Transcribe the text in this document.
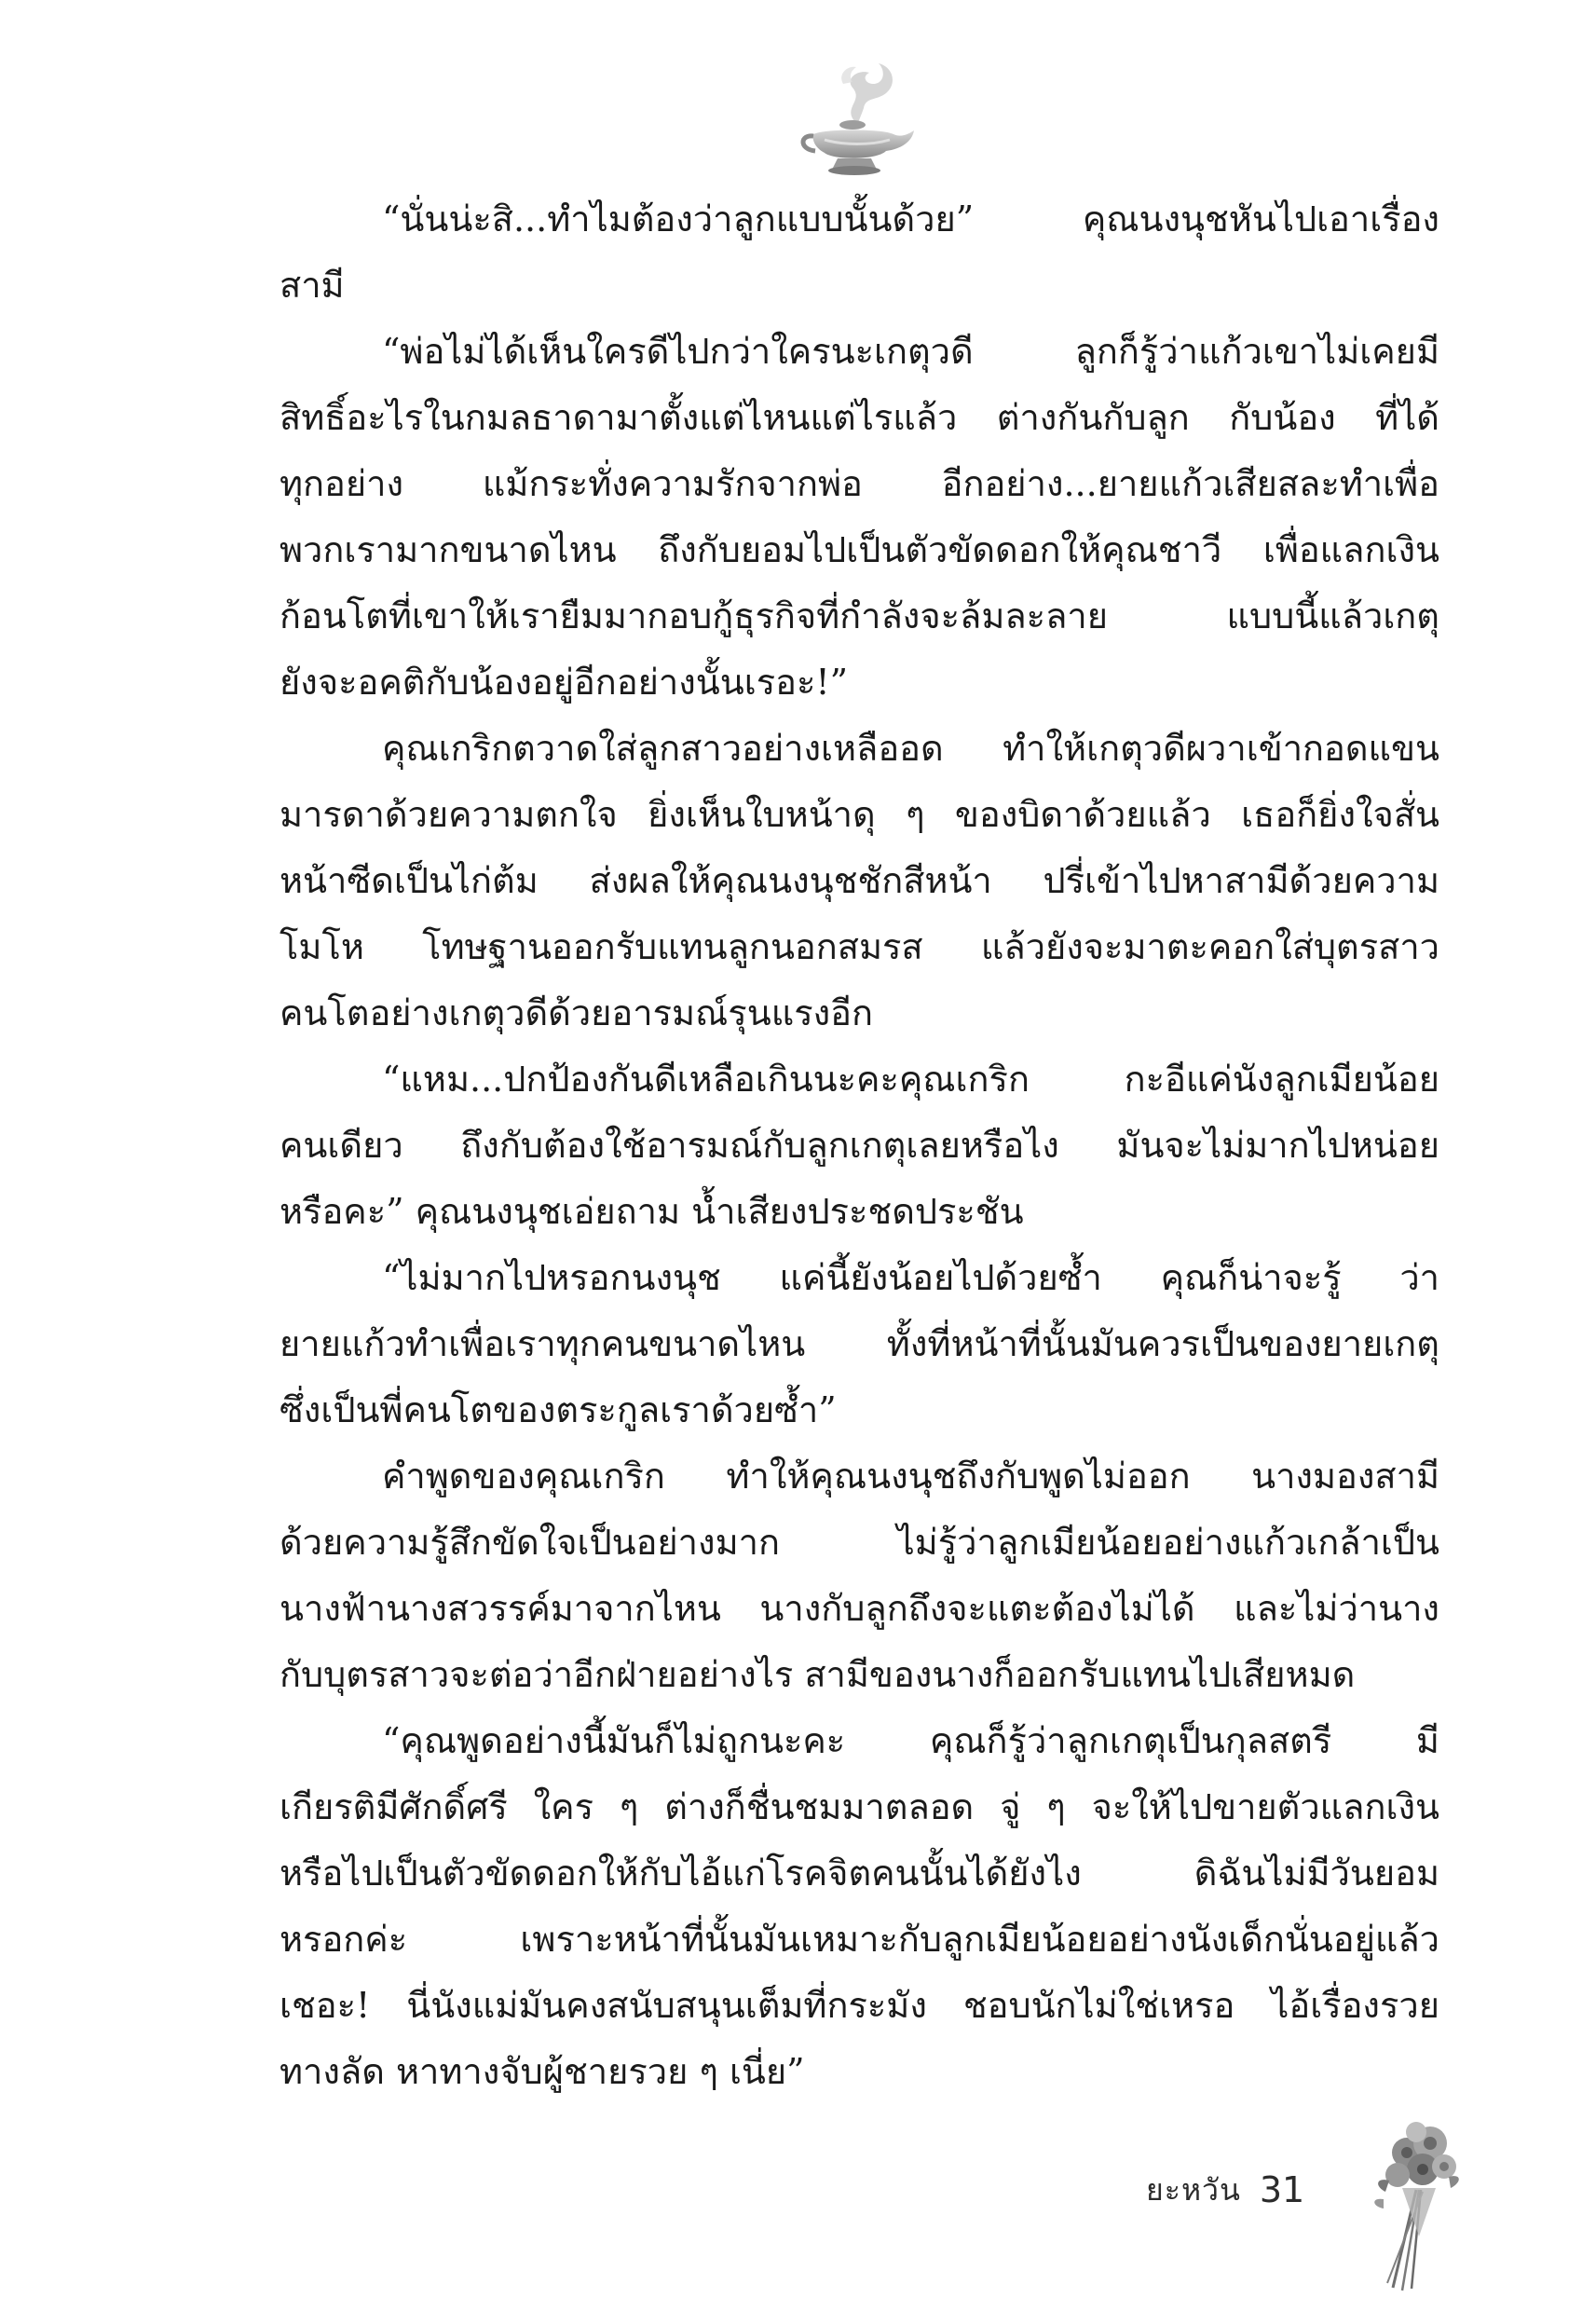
“นั่นน่ะสิ...ทำไมต้องว่าลูกแบบนั้นด้วย” คุณนงนุชหันไปเอาเรื่อง
สามี
“พ่อไม่ได้เห็นใครดีไปกว่าใครนะเกตุวดี ลูกก็รู้ว่าแก้วเขาไม่เคยมี
สิทธิ์อะไรในกมลธาดามาตั้งแต่ไหนแต่ไรแล้ว ต่างกันกับลูก กับน้อง ที่ได้
ทุกอย่าง แม้กระทั่งความรักจากพ่อ อีกอย่าง...ยายแก้วเสียสละทำเพื่อ
พวกเรามากขนาดไหน ถึงกับยอมไปเป็นตัวขัดดอกให้คุณชาวี เพื่อแลกเงิน
ก้อนโตที่เขาให้เรายืมมากอบกู้ธุรกิจที่กำลังจะล้มละลาย แบบนี้แล้วเกตุ
ยังจะอคติกับน้องอยู่อีกอย่างนั้นเรอะ!”
คุณเกริกตวาดใส่ลูกสาวอย่างเหลืออด ทำให้เกตุวดีผวาเข้ากอดแขน
มารดาด้วยความตกใจ ยิ่งเห็นใบหน้าดุ ๆ ของบิดาด้วยแล้ว เธอก็ยิ่งใจสั่น
หน้าซีดเป็นไก่ต้ม ส่งผลให้คุณนงนุชชักสีหน้า ปรี่เข้าไปหาสามีด้วยความ
โมโห โทษฐานออกรับแทนลูกนอกสมรส แล้วยังจะมาตะคอกใส่บุตรสาว
คนโตอย่างเกตุวดีด้วยอารมณ์รุนแรงอีก
“แหม...ปกป้องกันดีเหลือเกินนะคะคุณเกริก กะอีแค่นังลูกเมียน้อย
คนเดียว ถึงกับต้องใช้อารมณ์กับลูกเกตุเลยหรือไง มันจะไม่มากไปหน่อย
หรือคะ” คุณนงนุชเอ่ยถาม น้ำเสียงประชดประชัน
“ไม่มากไปหรอกนงนุช แค่นี้ยังน้อยไปด้วยซ้ำ คุณก็น่าจะรู้ ว่า
ยายแก้วทำเพื่อเราทุกคนขนาดไหน ทั้งที่หน้าที่นั้นมันควรเป็นของยายเกตุ
ซึ่งเป็นพี่คนโตของตระกูลเราด้วยซ้ำ”
คำพูดของคุณเกริก ทำให้คุณนงนุชถึงกับพูดไม่ออก นางมองสามี
ด้วยความรู้สึกขัดใจเป็นอย่างมาก ไม่รู้ว่าลูกเมียน้อยอย่างแก้วเกล้าเป็น
นางฟ้านางสวรรค์มาจากไหน นางกับลูกถึงจะแตะต้องไม่ได้ และไม่ว่านาง
กับบุตรสาวจะต่อว่าอีกฝ่ายอย่างไร สามีของนางก็ออกรับแทนไปเสียหมด
“คุณพูดอย่างนี้มันก็ไม่ถูกนะคะ คุณก็รู้ว่าลูกเกตุเป็นกุลสตรี มี
เกียรติมีศักดิ์ศรี ใคร ๆ ต่างก็ชื่นชมมาตลอด จู่ ๆ จะให้ไปขายตัวแลกเงิน
หรือไปเป็นตัวขัดดอกให้กับไอ้แก่โรคจิตคนนั้นได้ยังไง ดิฉันไม่มีวันยอม
หรอกค่ะ เพราะหน้าที่นั้นมันเหมาะกับลูกเมียน้อยอย่างนังเด็กนั่นอยู่แล้ว
เชอะ! นี่นังแม่มันคงสนับสนุนเต็มที่กระมัง ชอบนักไม่ใช่เหรอ ไอ้เรื่องรวย
ทางลัด หาทางจับผู้ชายรวย ๆ เนี่ย”
ยะหวัน 31
